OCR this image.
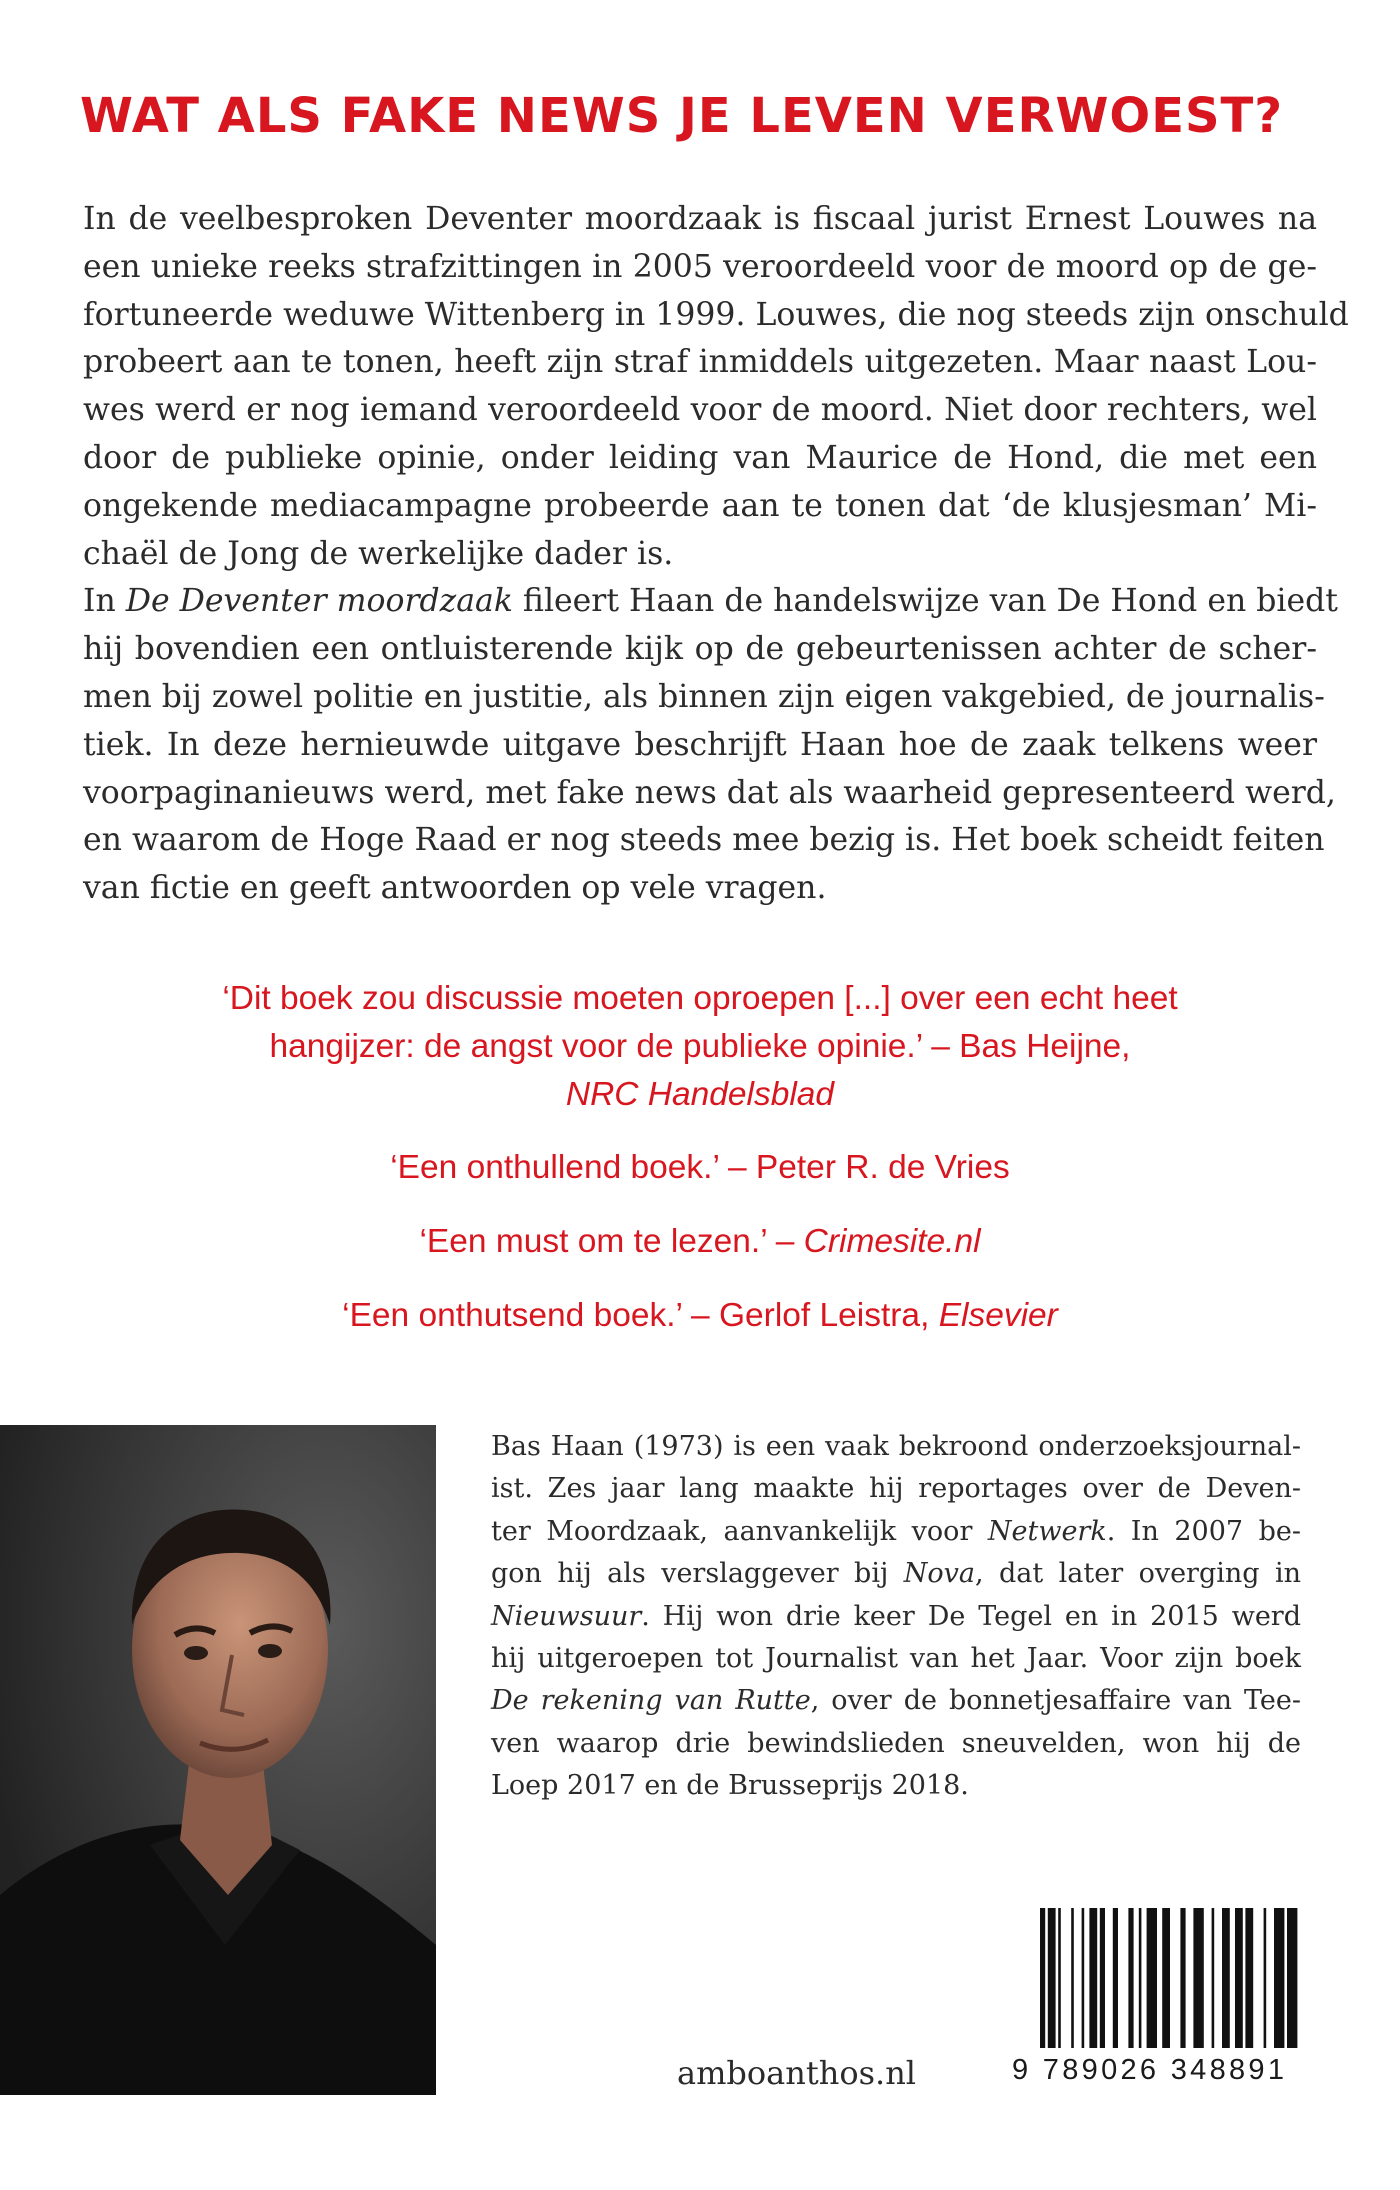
WAT ALS FAKE NEWS JE LEVEN VERWOEST?
In de veelbesproken Deventer moordzaak is fiscaal jurist Ernest Louwes na
een unieke reeks strafzittingen in 2005 veroordeeld voor de moord op de ge-
fortuneerde weduwe Wittenberg in 1999. Louwes, die nog steeds zijn onschuld
probeert aan te tonen, heeft zijn straf inmiddels uitgezeten. Maar naast Lou-
wes werd er nog iemand veroordeeld voor de moord. Niet door rechters, wel
door de publieke opinie, onder leiding van Maurice de Hond, die met een
ongekende mediacampagne probeerde aan te tonen dat ‘de klusjesman’ Mi-
chaël de Jong de werkelijke dader is.
In De Deventer moordzaak fileert Haan de handelswijze van De Hond en biedt
hij bovendien een ontluisterende kijk op de gebeurtenissen achter de scher-
men bij zowel politie en justitie, als binnen zijn eigen vakgebied, de journalis-
tiek. In deze hernieuwde uitgave beschrijft Haan hoe de zaak telkens weer
voorpaginanieuws werd, met fake news dat als waarheid gepresenteerd werd,
en waarom de Hoge Raad er nog steeds mee bezig is. Het boek scheidt feiten
van fictie en geeft antwoorden op vele vragen.
‘Dit boek zou discussie moeten oproepen [...] over een echt heet
hangijzer: de angst voor de publieke opinie.’ – Bas Heijne,
NRC Handelsblad
‘Een onthullend boek.’ – Peter R. de Vries
‘Een must om te lezen.’ – Crimesite.nl
‘Een onthutsend boek.’ – Gerlof Leistra, Elsevier
Bas Haan (1973) is een vaak bekroond onderzoeksjournal-
ist. Zes jaar lang maakte hij reportages over de Deven-
ter Moordzaak, aanvankelijk voor Netwerk. In 2007 be-
gon hij als verslaggever bij Nova, dat later overging in
Nieuwsuur. Hij won drie keer De Tegel en in 2015 werd
hij uitgeroepen tot Journalist van het Jaar. Voor zijn boek
De rekening van Rutte, over de bonnetjesaffaire van Tee-
ven waarop drie bewindslieden sneuvelden, won hij de
Loep 2017 en de Brusseprijs 2018.
amboanthos.nl	9 789026 348891
